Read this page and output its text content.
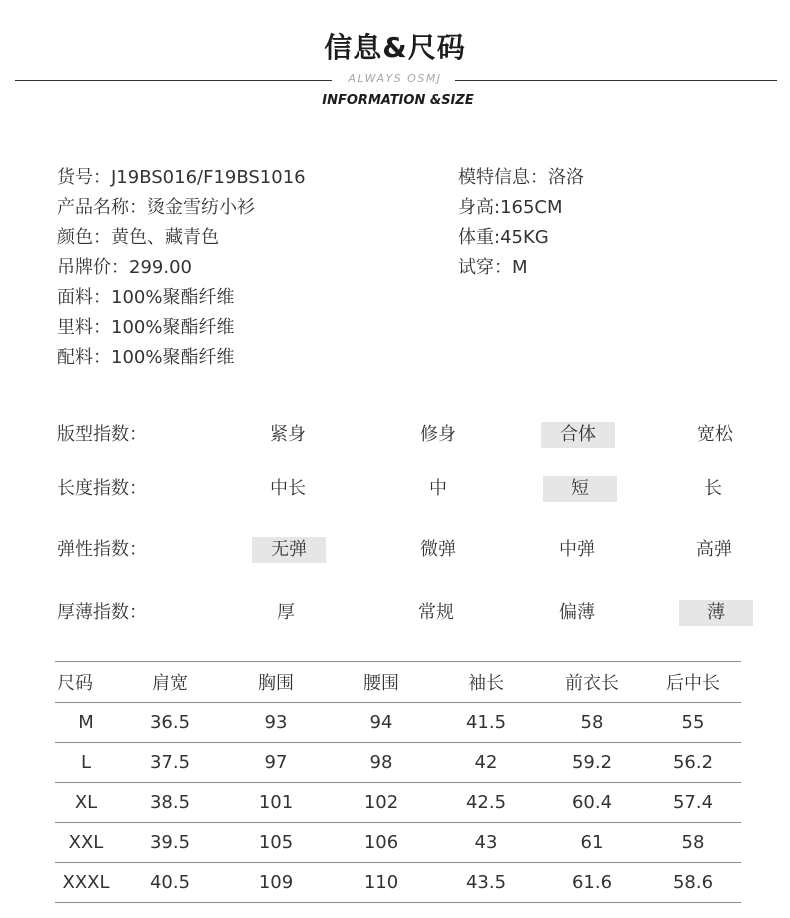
信息&尺码
ALWAYS OSMJ
INFORMATION &SIZE
货号：J19BS016/F19BS1016
产品名称：烫金雪纺小衫
颜色：黄色、藏青色
吊牌价：299.00
面料：100%聚酯纤维
里料：100%聚酯纤维
配料：100%聚酯纤维
模特信息：洛洛
身高:165CM
体重:45KG
试穿：M
版型指数：	紧身	修身	合体	宽松
长度指数：	中长	中	短	长
弹性指数：	无弹	微弹	中弹	高弹
厚薄指数：	厚	常规	偏薄	薄
尺码	肩宽	胸围	腰围	袖长	前衣长	后中长
M	36.5	93	94	41.5	58	55
L	37.5	97	98	42	59.2	56.2
XL	38.5	101	102	42.5	60.4	57.4
XXL	39.5	105	106	43	61	58
XXXL	40.5	109	110	43.5	61.6	58.6
